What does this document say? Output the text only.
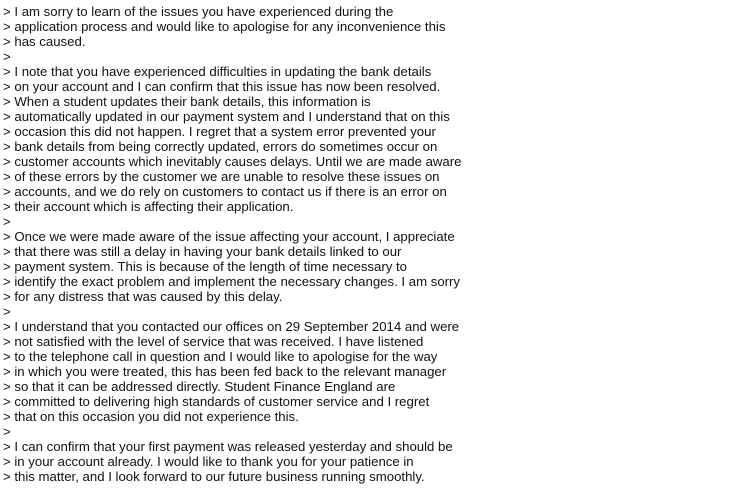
> I am sorry to learn of the issues you have experienced during the
> application process and would like to apologise for any inconvenience this
> has caused.
>
> I note that you have experienced difficulties in updating the bank details
> on your account and I can confirm that this issue has now been resolved.
> When a student updates their bank details, this information is
> automatically updated in our payment system and I understand that on this
> occasion this did not happen. I regret that a system error prevented your
> bank details from being correctly updated, errors do sometimes occur on
> customer accounts which inevitably causes delays. Until we are made aware
> of these errors by the customer we are unable to resolve these issues on
> accounts, and we do rely on customers to contact us if there is an error on
> their account which is affecting their application.
>
> Once we were made aware of the issue affecting your account, I appreciate
> that there was still a delay in having your bank details linked to our
> payment system. This is because of the length of time necessary to
> identify the exact problem and implement the necessary changes. I am sorry
> for any distress that was caused by this delay.
>
> I understand that you contacted our offices on 29 September 2014 and were
> not satisfied with the level of service that was received. I have listened
> to the telephone call in question and I would like to apologise for the way
> in which you were treated, this has been fed back to the relevant manager
> so that it can be addressed directly. Student Finance England are
> committed to delivering high standards of customer service and I regret
> that on this occasion you did not experience this.
>
> I can confirm that your first payment was released yesterday and should be
> in your account already. I would like to thank you for your patience in
> this matter, and I look forward to our future business running smoothly.
